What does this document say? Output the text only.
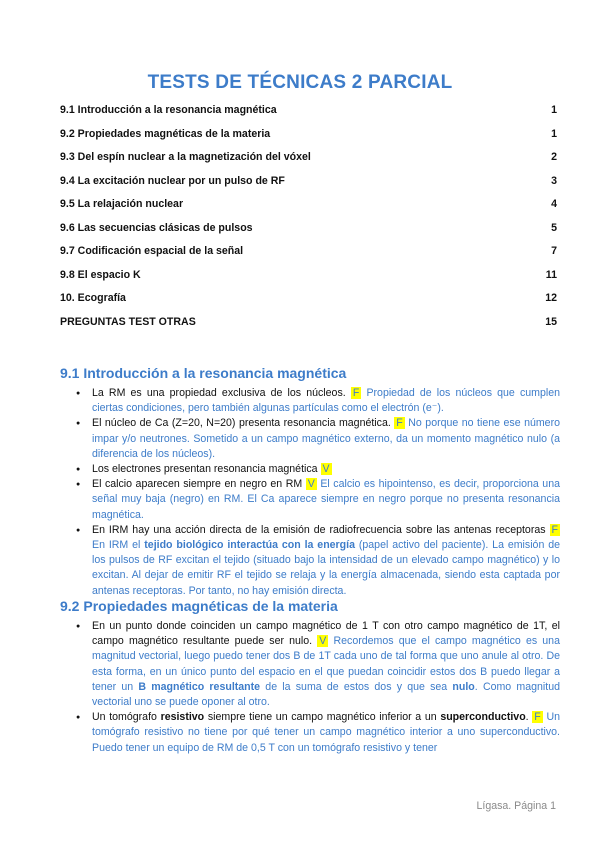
TESTS DE TÉCNICAS 2 PARCIAL
9.1 Introducción a la resonancia magnética	1
9.2 Propiedades magnéticas de la materia	1
9.3 Del espín nuclear a la magnetización del vóxel	2
9.4 La excitación nuclear por un pulso de RF	3
9.5 La relajación nuclear	4
9.6 Las secuencias clásicas de pulsos	5
9.7 Codificación espacial de la señal	7
9.8 El espacio K	11
10. Ecografía	12
PREGUNTAS TEST OTRAS	15
9.1 Introducción a la resonancia magnética
● La RM es una propiedad exclusiva de los núcleos. F Propiedad de los núcleos que cumplen ciertas condiciones, pero también algunas partículas como el electrón (e⁻).
● El núcleo de Ca (Z=20, N=20) presenta resonancia magnética. F No porque no tiene ese número impar y/o neutrones. Sometido a un campo magnético externo, da un momento magnético nulo (a diferencia de los núcleos).
● Los electrones presentan resonancia magnética V
● El calcio aparecen siempre en negro en RM V El calcio es hipointenso, es decir, proporciona una señal muy baja (negro) en RM. El Ca aparece siempre en negro porque no presenta resonancia magnética.
● En IRM hay una acción directa de la emisión de radiofrecuencia sobre las antenas receptoras F En IRM el tejido biológico interactúa con la energía (papel activo del paciente). La emisión de los pulsos de RF excitan el tejido (situado bajo la intensidad de un elevado campo magnético) y lo excitan. Al dejar de emitir RF el tejido se relaja y la energía almacenada, siendo esta captada por antenas receptoras. Por tanto, no hay emisión directa.
9.2 Propiedades magnéticas de la materia
● En un punto donde coinciden un campo magnético de 1 T con otro campo magnético de 1T, el campo magnético resultante puede ser nulo. V Recordemos que el campo magnético es una magnitud vectorial, luego puedo tener dos B de 1T cada uno de tal forma que uno anule al otro. De esta forma, en un único punto del espacio en el que puedan coincidir estos dos B puedo llegar a tener un B magnético resultante de la suma de estos dos y que sea nulo. Como magnitud vectorial uno se puede oponer al otro.
● Un tomógrafo resistivo siempre tiene un campo magnético inferior a un superconductivo. F Un tomógrafo resistivo no tiene por qué tener un campo magnético interior a uno superconductivo. Puedo tener un equipo de RM de 0,5 T con un tomógrafo resistivo y tener
Lígasa. Página 1
